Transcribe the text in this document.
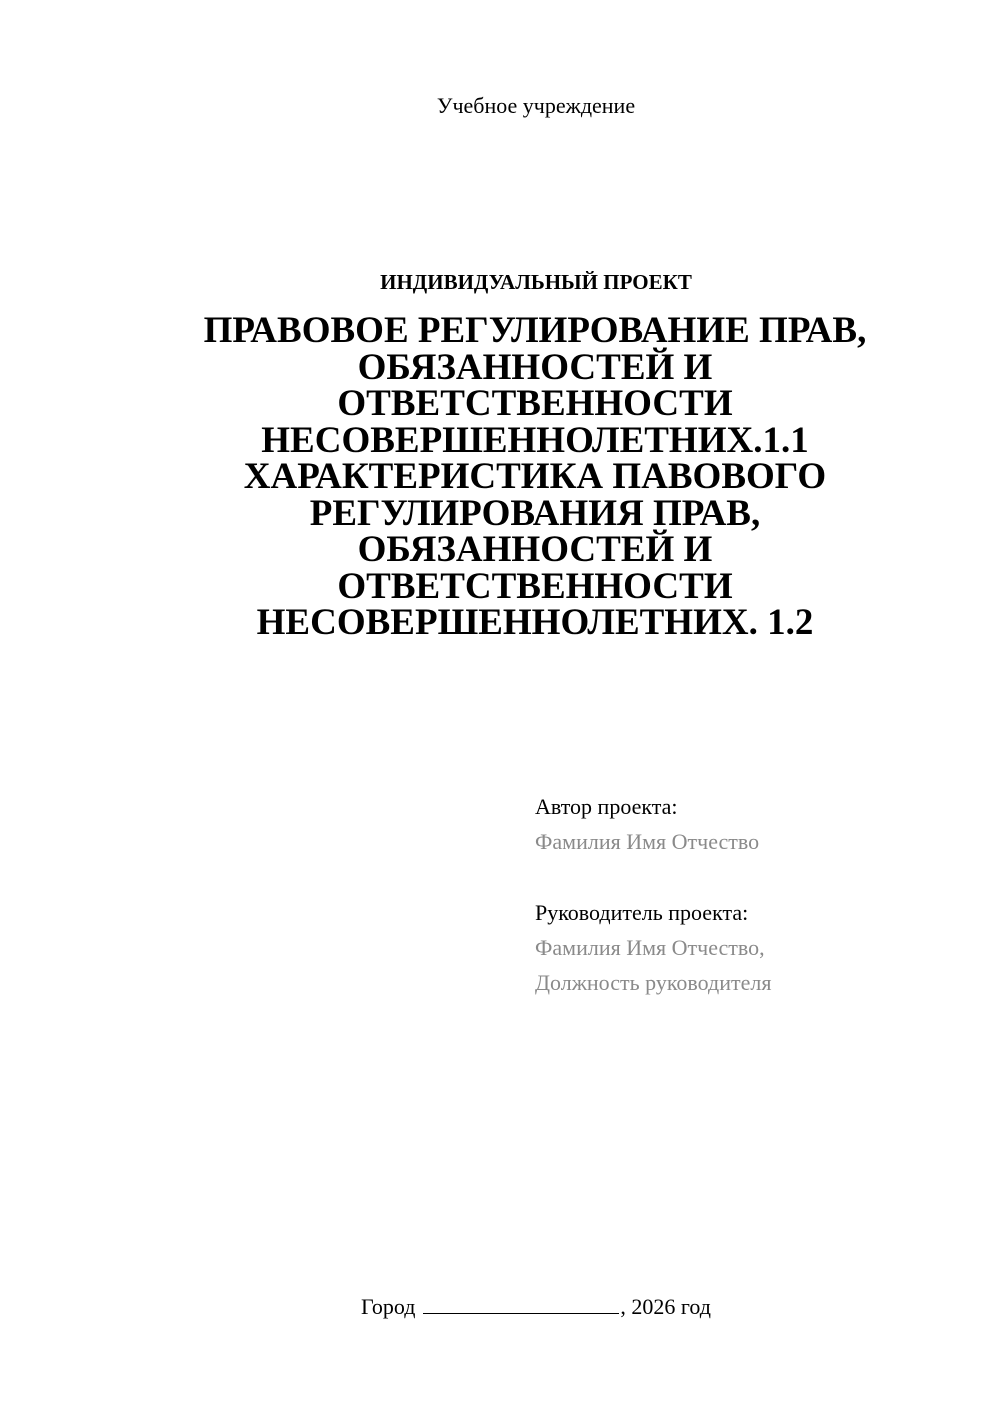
Учебное учреждение
ИНДИВИДУАЛЬНЫЙ ПРОЕКТ
ПРАВОВОЕ РЕГУЛИРОВАНИЕ ПРАВ, ОБЯЗАННОСТЕЙ И ОТВЕТСТВЕННОСТИ НЕСОВЕРШЕННОЛЕТНИХ.1.1 ХАРАКТЕРИСТИКА ПАВОВОГО РЕГУЛИРОВАНИЯ ПРАВ, ОБЯЗАННОСТЕЙ И ОТВЕТСТВЕННОСТИ НЕСОВЕРШЕННОЛЕТНИХ. 1.2
Автор проекта:
Фамилия Имя Отчество
Руководитель проекта:
Фамилия Имя Отчество,
Должность руководителя
Город	, 2026 год
